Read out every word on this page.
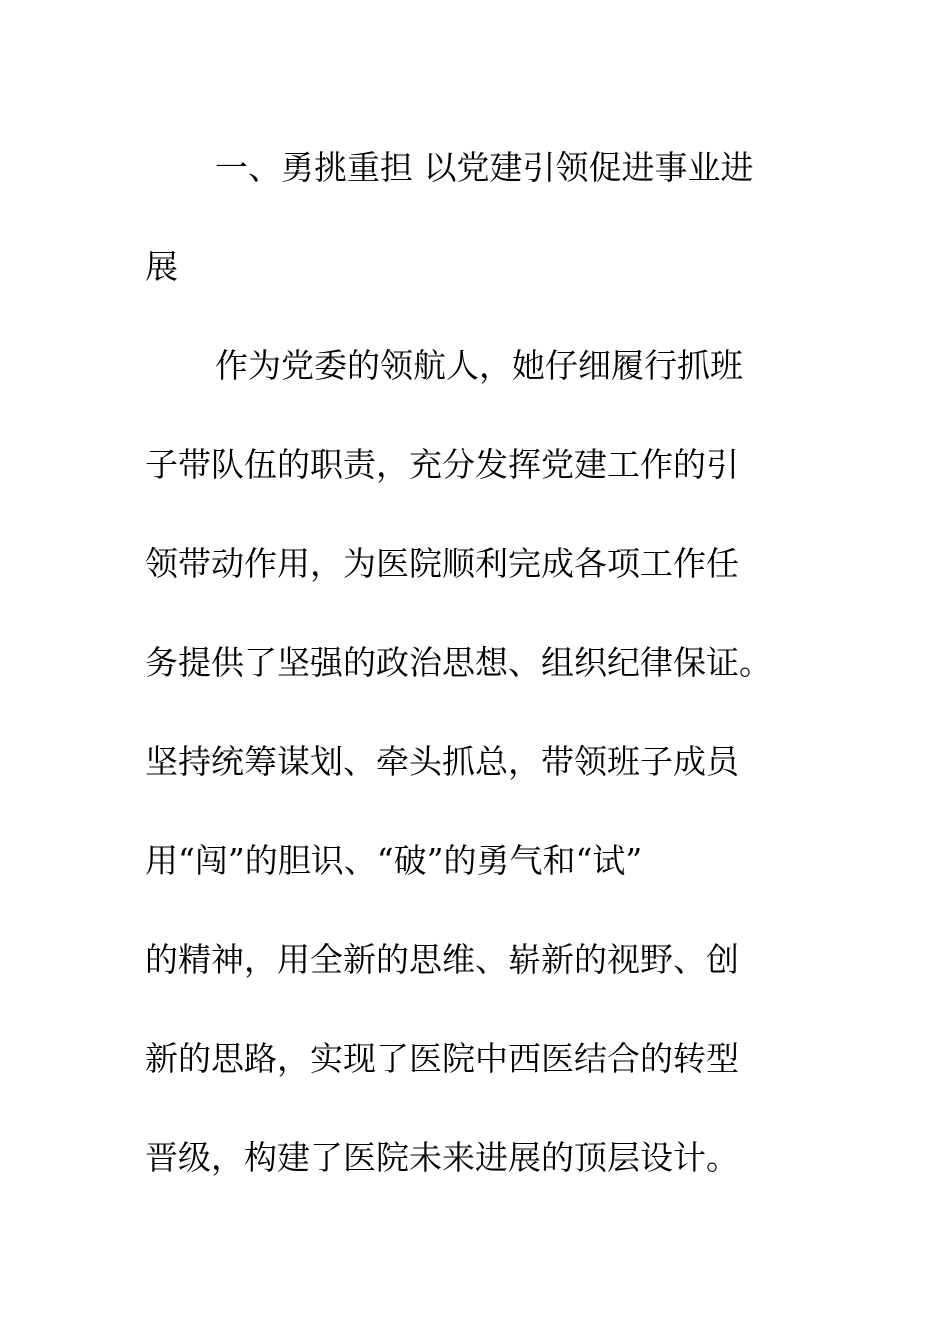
一、勇挑重担 以党建引领促进事业进
展
作为党委的领航人，她仔细履行抓班
子带队伍的职责，充分发挥党建工作的引
领带动作用，为医院顺利完成各项工作任
务提供了坚强的政治思想、组织纪律保证。
坚持统筹谋划、牵头抓总，带领班子成员
用“闯”的胆识、“破”的勇气和“试”
的精神，用全新的思维、崭新的视野、创
新的思路，实现了医院中西医结合的转型
晋级，构建了医院未来进展的顶层设计。
